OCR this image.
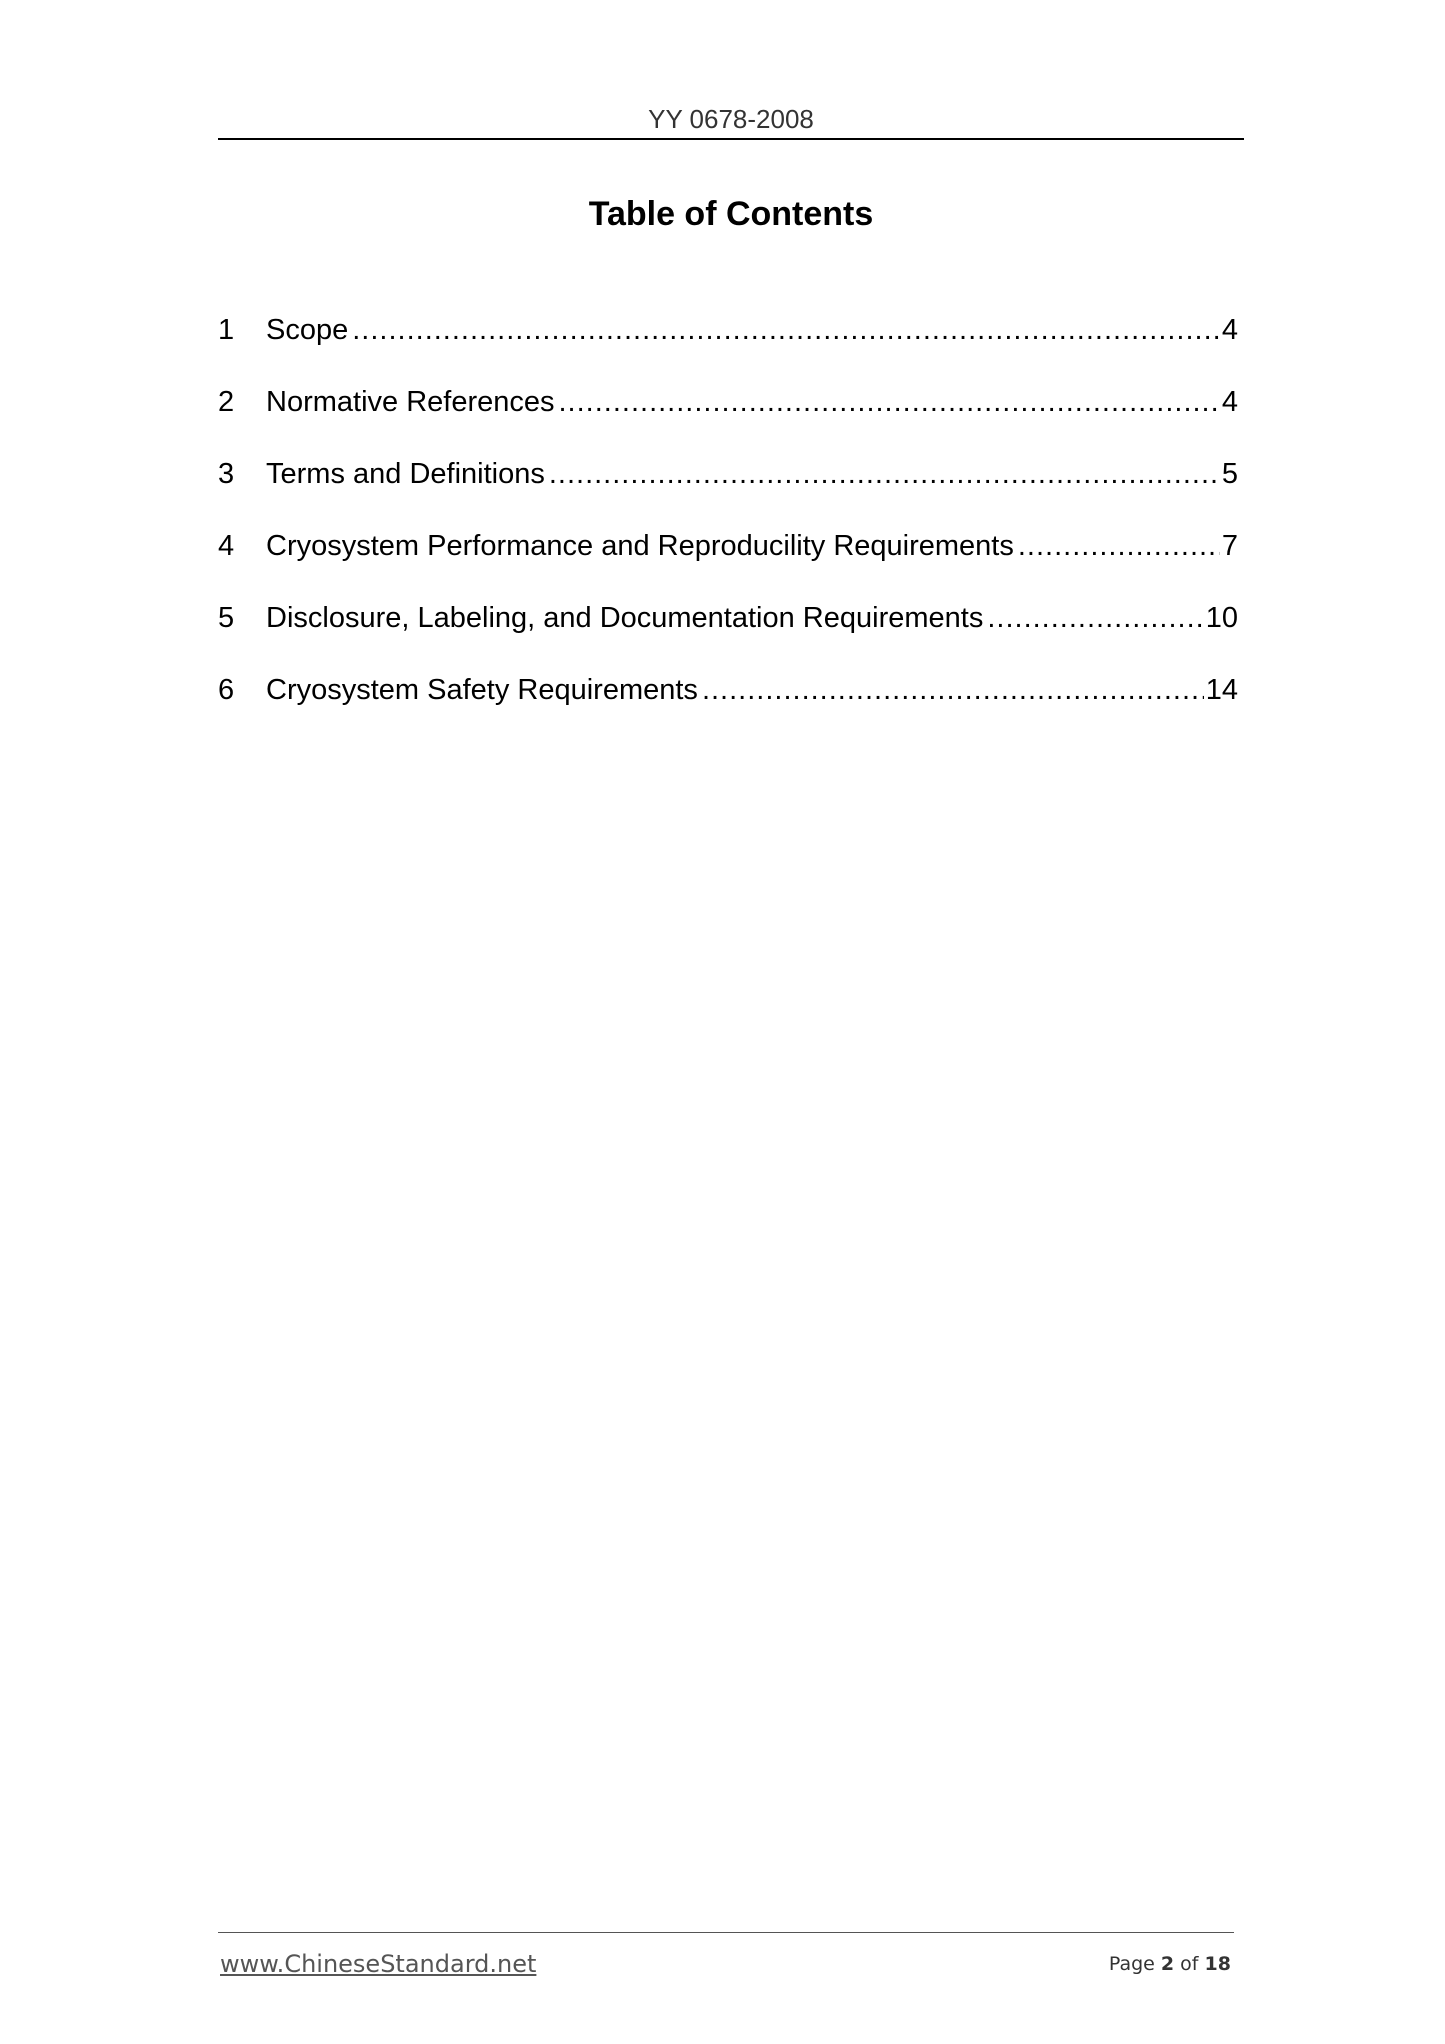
YY 0678-2008
Table of Contents
1	Scope .....	4
2	Normative References .....	4
3	Terms and Definitions .....	5
4	Cryosystem Performance and Reproducility Requirements .....	7
5	Disclosure, Labeling, and Documentation Requirements .....	10
6	Cryosystem Safety Requirements .....	14
www.ChineseStandard.net	Page 2 of 18
